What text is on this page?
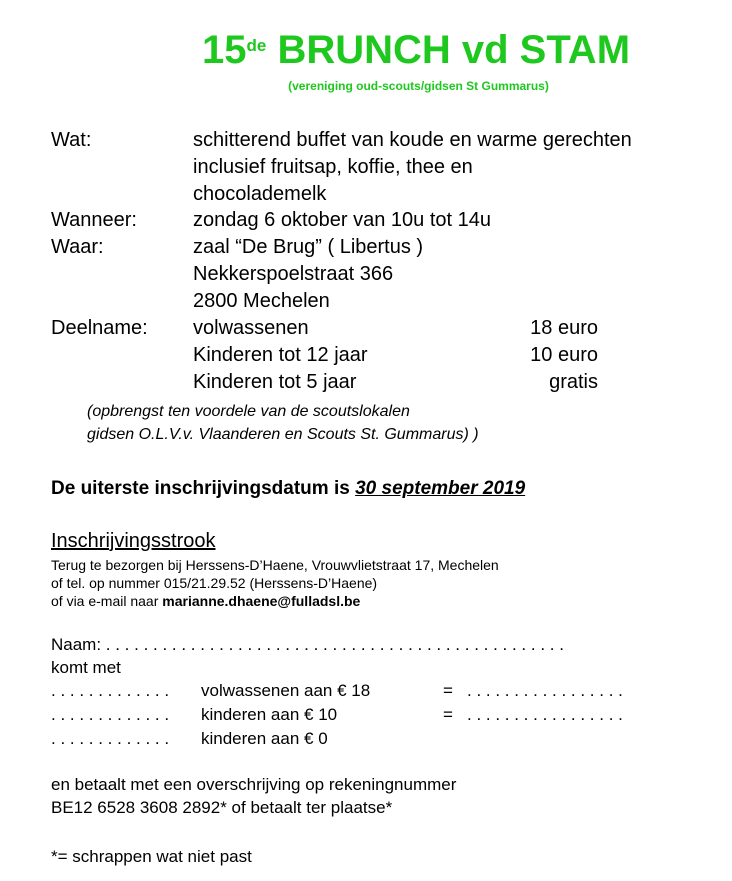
15de BRUNCH vd STAM
(vereniging oud-scouts/gidsen St Gummarus)
Wat:	schitterend buffet van koude en warme gerechten
inclusief fruitsap, koffie, thee en
chocolademelk
Wanneer:	zondag 6 oktober van 10u tot 14u
Waar:	zaal “De Brug” ( Libertus )
Nekkerspoelstraat 366
2800 Mechelen
Deelname: volwassenen	18 euro
Kinderen tot 12 jaar	10 euro
Kinderen tot 5 jaar	gratis
(opbrengst ten voordele van de scoutslokalen
gidsen O.L.V.v. Vlaanderen en Scouts St. Gummarus) )
De uiterste inschrijvingsdatum is 30 september 2019
Inschrijvingsstrook
Terug te bezorgen bij Herssens-D’Haene, Vrouwvlietstraat 17, Mechelen
of tel. op nummer 015/21.29.52 (Herssens-D’Haene)
of via e-mail naar marianne.dhaene@fulladsl.be
Naam: . . . . . . . . . . . . . . . . . . . . . . . . . . . . . . . . . . . . . . . . . . . . . . . . .
komt met
. . . . . . . . . . . . . volwassenen aan € 18	= . . . . . . . . . . . . . . . . .
. . . . . . . . . . . . . kinderen aan € 10	= . . . . . . . . . . . . . . . . .
. . . . . . . . . . . . . kinderen aan € 0
en betaalt met een overschrijving op rekeningnummer
BE12 6528 3608 2892* of betaalt ter plaatse*
*= schrappen wat niet past
